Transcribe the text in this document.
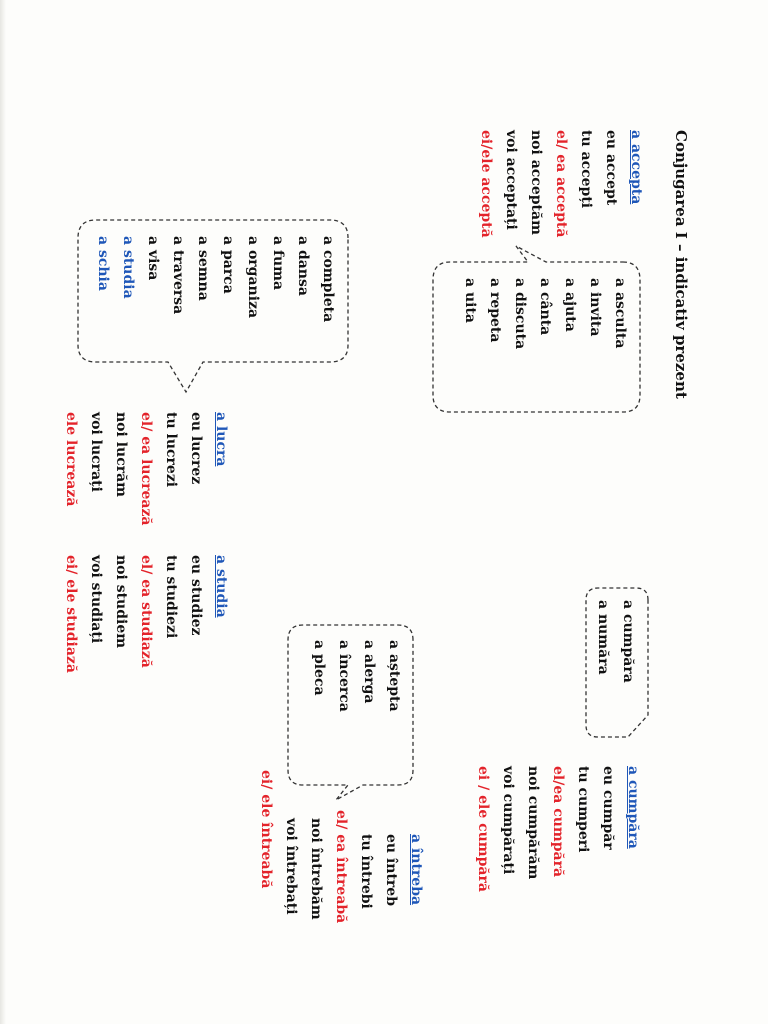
Conjugarea I – indicativ prezent
a accepta
eu accept
tu accepți
el/ ea acceptă
noi acceptăm
voi acceptați
ei/ele acceptă
a asculta
a invita
a ajuta
a cânta
a discuta
a repeta
a uita
a completa
a dansa
a fuma
a organiza
a parca
a semna
a traversa
a visa
a studia
a schia
a lucra
eu lucrez
tu lucrezi
el/ ea lucrează
noi lucrăm
voi lucrați
ele lucrează
a studia
eu studiez
tu studiezi
el/ ea studiază
noi studiem
voi studiați
ei/ ele studiază	a cumpăra
a număra
a aștepta
a alerga
a încerca
a pleca
a cumpăra
eu cumpăr
tu cumperi
el/ea cumpără
noi cumpărăm
voi cumpărați
ei / ele cumpără
a întreba
eu întreb
tu întrebi
el/ ea întreabă
noi întrebăm
voi întrebați
ei/ ele întreabă
